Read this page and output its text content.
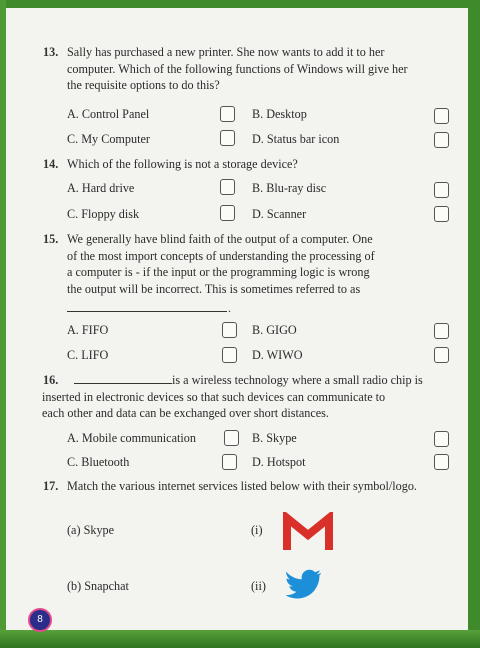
13. Sally has purchased a new printer. She now wants to add it to her
computer. Which of the following functions of Windows will give her
the requisite options to do this?
A. Control Panel	B. Desktop
C. My Computer	D. Status bar icon
14. Which of the following is not a storage device?
A. Hard drive	B. Blu-ray disc
C. Floppy disk	D. Scanner
15. We generally have blind faith of the output of a computer. One
of the most import concepts of understanding the processing of
a computer is - if the input or the programming logic is wrong
the output will be incorrect. This is sometimes referred to as
.
A. FIFO	B. GIGO
C. LIFO	D. WIWO
16.	is a wireless technology where a small radio chip is
inserted in electronic devices so that such devices can communicate to
each other and data can be exchanged over short distances.
A. Mobile communication	B. Skype
C. Bluetooth	D. Hotspot
17. Match the various internet services listed below with their symbol/logo.
(a) Skype	(i)
(b) Snapchat	(ii)
8
